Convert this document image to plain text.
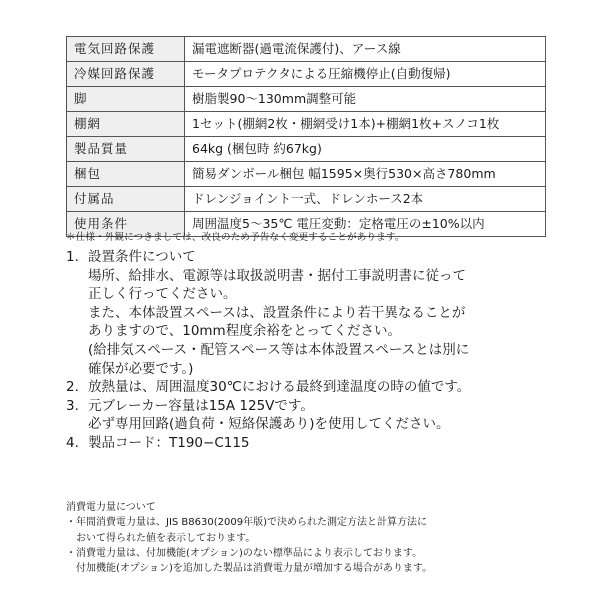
電気回路保護	漏電遮断器(過電流保護付)、アース線
冷媒回路保護	モータプロテクタによる圧縮機停止(自動復帰)
脚	樹脂製90～130mm調整可能
棚網	1セット(棚網2枚・棚網受け1本)+棚網1枚+スノコ1枚
製品質量	64kg (梱包時 約67kg)
梱包	簡易ダンボール梱包 幅1595×奥行530×高さ780mm
付属品	ドレンジョイント一式、ドレンホース2本
使用条件	周囲温度5～35℃ 電圧変動：定格電圧の±10%以内
＊仕様・外観につきましては、改良のため予告なく変更することがあります。
1. 設置条件について
場所、給排水、電源等は取扱説明書・据付工事説明書に従って
正しく行ってください。
また、本体設置スペースは、設置条件により若干異なることが
ありますので、10mm程度余裕をとってください。
(給排気スペース・配管スペース等は本体設置スペースとは別に
確保が必要です。)
2. 放熱量は、周囲温度30℃における最終到達温度の時の値です。
3. 元ブレーカー容量は15A 125Vです。
必ず専用回路(過負荷・短絡保護あり)を使用してください。
4. 製品コード：T190−C115
消費電力量について
・年間消費電力量は、JIS B8630(2009年版)で決められた測定方法と計算方法に
おいて得られた値を表示しております。
・消費電力量は、付加機能(オプション)のない標準品により表示しております。
付加機能(オプション)を追加した製品は消費電力量が増加する場合があります。
